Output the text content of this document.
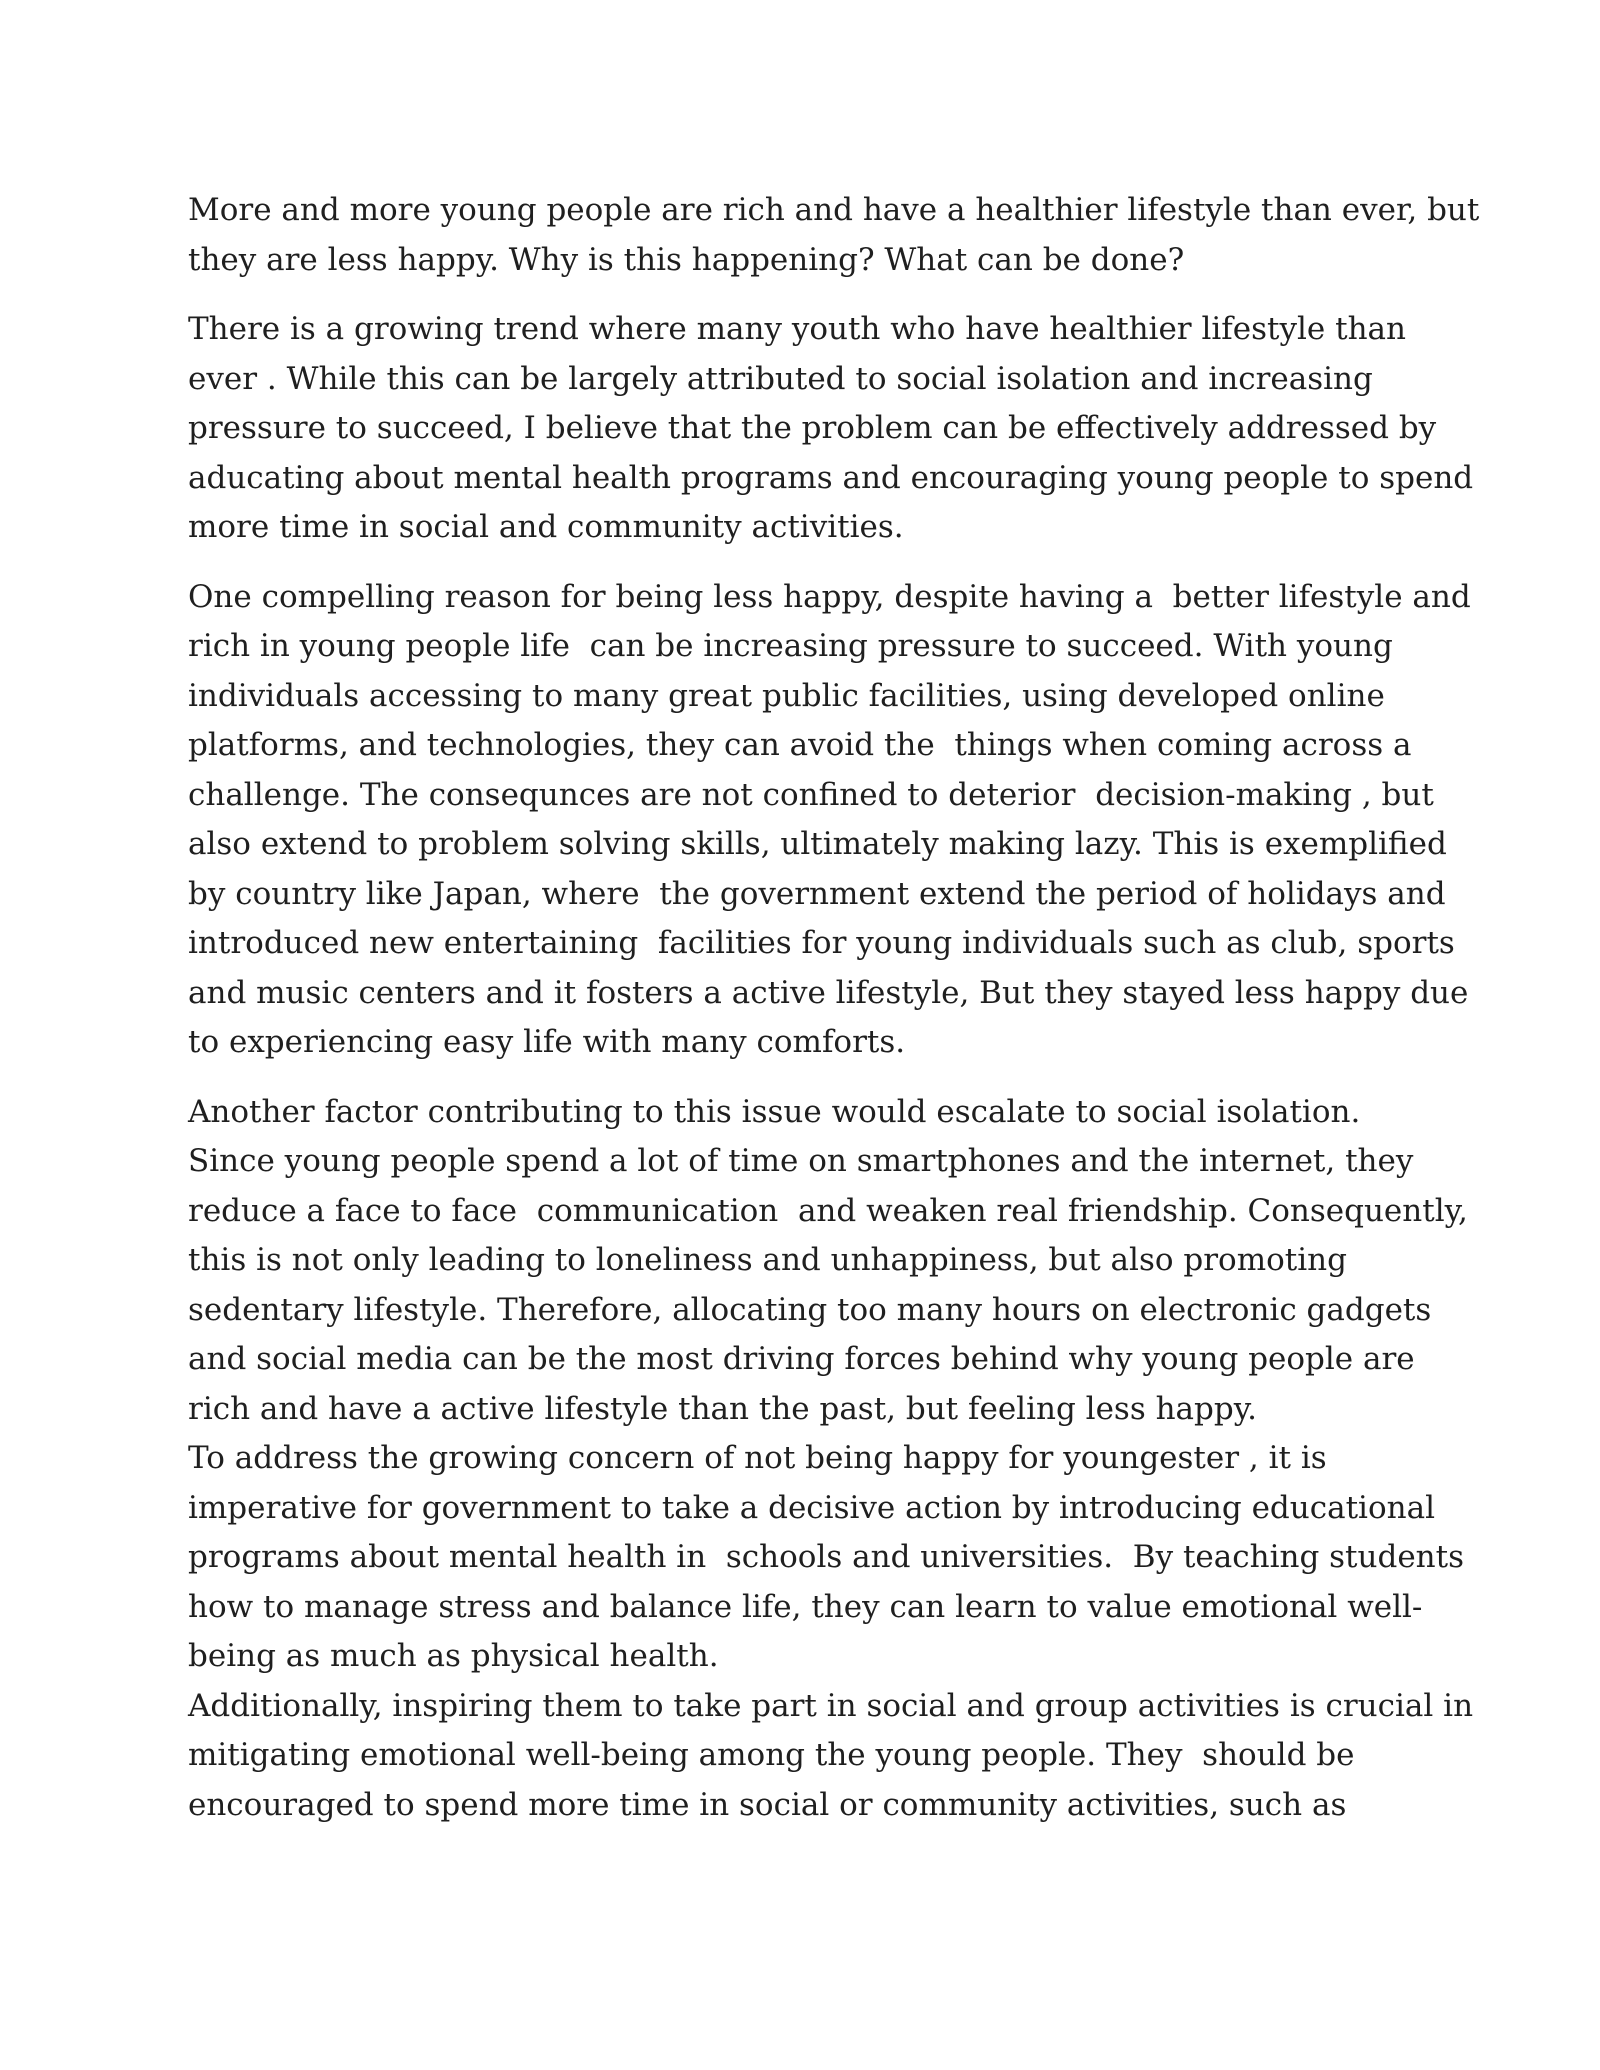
More and more young people are rich and have a healthier lifestyle than ever, but
they are less happy. Why is this happening? What can be done?

There is a growing trend where many youth who have healthier lifestyle than
ever . While this can be largely attributed to social isolation and increasing
pressure to succeed, I believe that the problem can be effectively addressed by
aducating about mental health programs and encouraging young people to spend
more time in social and community activities.

One compelling reason for being less happy, despite having a  better lifestyle and
rich in young people life  can be increasing pressure to succeed. With young
individuals accessing to many great public facilities, using developed online
platforms, and technologies, they can avoid the  things when coming across a
challenge. The consequnces are not confined to deterior  decision-making , but
also extend to problem solving skills, ultimately making lazy. This is exemplified
by country like Japan, where  the government extend the period of holidays and
introduced new entertaining  facilities for young individuals such as club, sports
and music centers and it fosters a active lifestyle, But they stayed less happy due
to experiencing easy life with many comforts.

Another factor contributing to this issue would escalate to social isolation.
Since young people spend a lot of time on smartphones and the internet, they
reduce a face to face  communication  and weaken real friendship. Consequently,
this is not only leading to loneliness and unhappiness, but also promoting
sedentary lifestyle. Therefore, allocating too many hours on electronic gadgets
and social media can be the most driving forces behind why young people are
rich and have a active lifestyle than the past, but feeling less happy.

To address the growing concern of not being happy for youngester , it is
imperative for government to take a decisive action by introducing educational
programs about mental health in  schools and universities.  By teaching students
how to manage stress and balance life, they can learn to value emotional well-
being as much as physical health.

Additionally, inspiring them to take part in social and group activities is crucial in
mitigating emotional well-being among the young people. They  should be
encouraged to spend more time in social or community activities, such as
